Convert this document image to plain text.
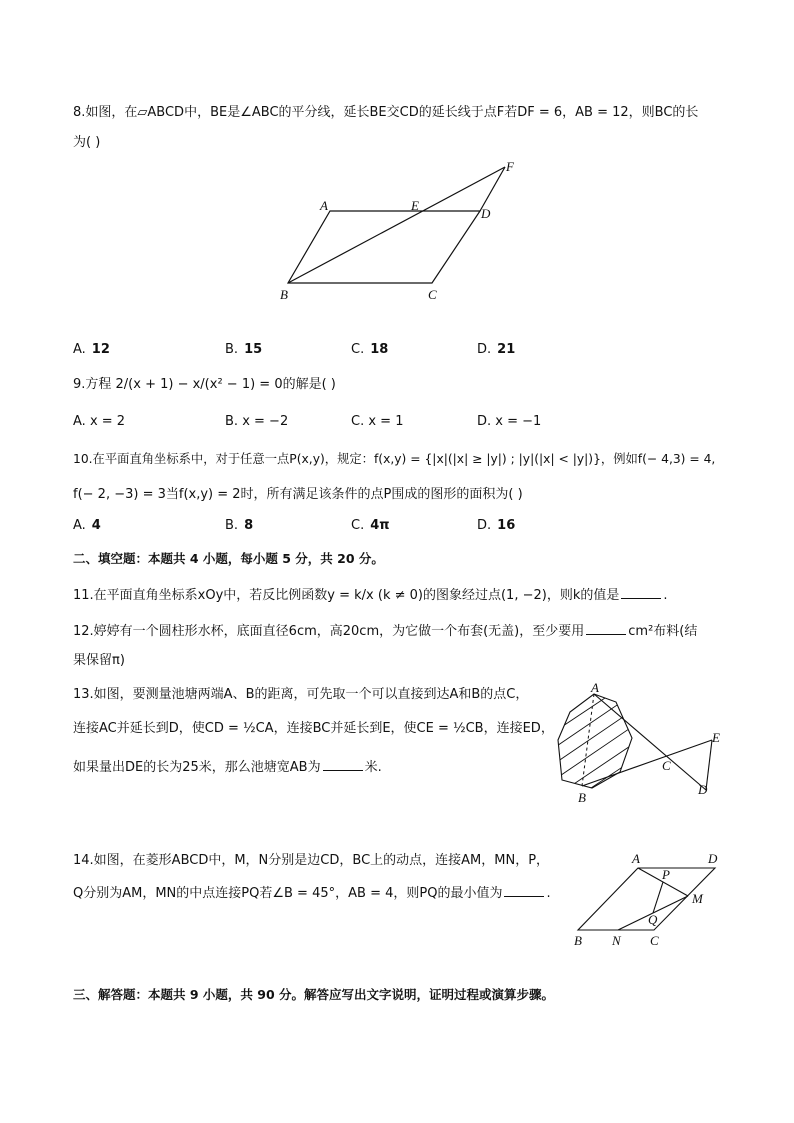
8.如图，在▱ABCD中，BE是∠ABC的平分线，延长BE交CD的延长线于点F若DF = 6，AB = 12，则BC的长
为( )
A	E
D
F
B	C
A. 12	B. 15	C. 18	D. 21
9.方程 2/(x + 1) − x/(x² − 1) = 0的解是( )
A. x = 2	B. x = −2	C. x = 1	D. x = −1
10.在平面直角坐标系中，对于任意一点P(x,y)，规定：f(x,y) = {|x|(|x| ≥ |y|) ; |y|(|x| < |y|)}，例如f(− 4,3) = 4,
f(− 2, −3) = 3当f(x,y) = 2时，所有满足该条件的点P围成的图形的面积为( )
A. 4	B. 8	C. 4π	D. 16
二、填空题：本题共 4 小题，每小题 5 分，共 20 分。
11.在平面直角坐标系xOy中，若反比例函数y = k/x (k ≠ 0)的图象经过点(1, −2)，则k的值是	.
12.婷婷有一个圆柱形水杯，底面直径6cm，高20cm，为它做一个布套(无盖)，至少要用	cm²布料(结
果保留π)
13.如图，要测量池塘两端A、B的距离，可先取一个可以直接到达A和B的点C，
连接AC并延长到D，使CD = ½CA，连接BC并延长到E，使CE = ½CB，连接ED，
如果量出DE的长为25米，那么池塘宽AB为	米.
A
B
C
E
D
14.如图，在菱形ABCD中，M，N分别是边CD，BC上的动点，连接AM，MN，P，
Q分别为AM，MN的中点连接PQ若∠B = 45°，AB = 4，则PQ的最小值为	.
A	D
P
M
Q
B N C
三、解答题：本题共 9 小题，共 90 分。解答应写出文字说明，证明过程或演算步骤。
